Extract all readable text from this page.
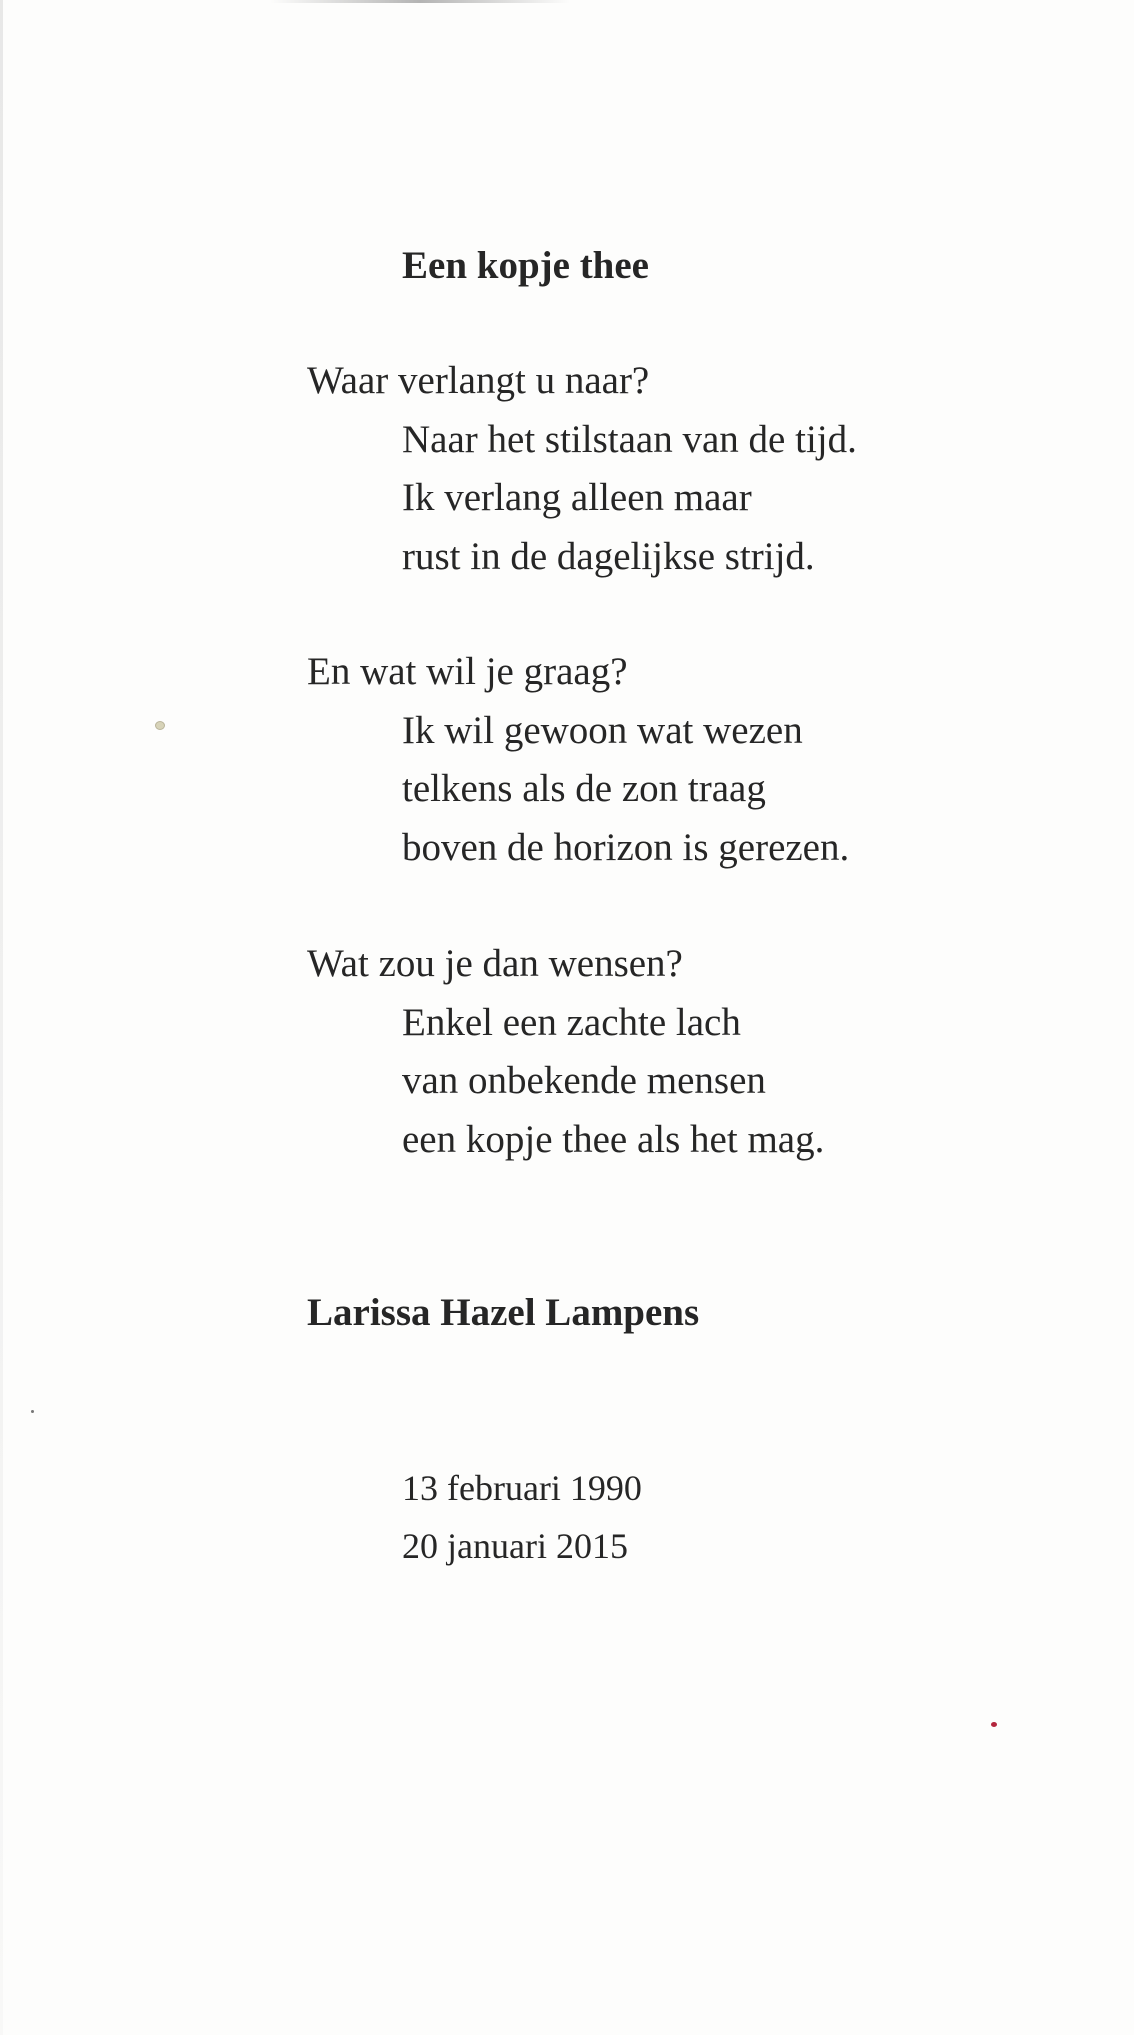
Een kopje thee
Waar verlangt u naar?
Naar het stilstaan van de tijd.
Ik verlang alleen maar
rust in de dagelijkse strijd.
En wat wil je graag?
Ik wil gewoon wat wezen
telkens als de zon traag
boven de horizon is gerezen.
Wat zou je dan wensen?
Enkel een zachte lach
van onbekende mensen
een kopje thee als het mag.
Larissa Hazel Lampens
13 februari 1990
20 januari 2015
